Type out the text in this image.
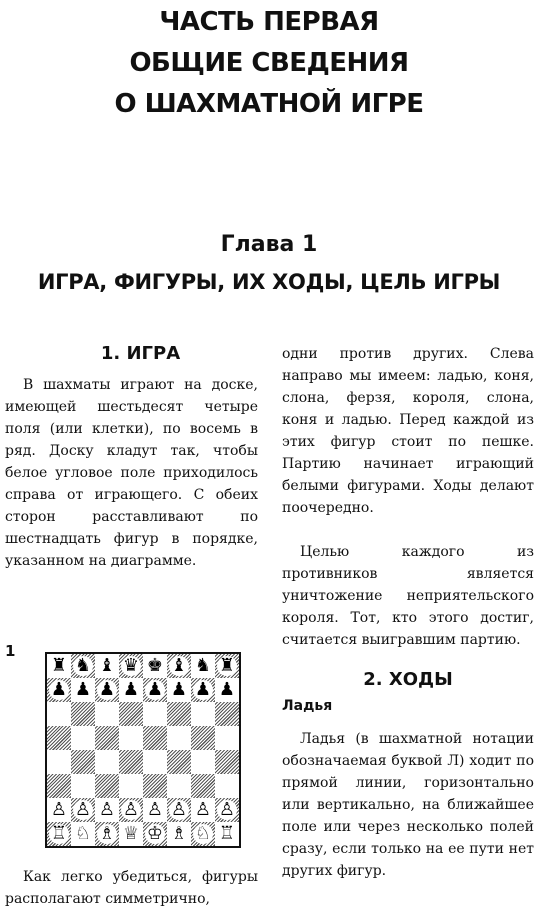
ЧАСТЬ ПЕРВАЯ
ОБЩИЕ СВЕДЕНИЯ
О ШАХМАТНОЙ ИГРЕ
Глава 1
ИГРА, ФИГУРЫ, ИХ ХОДЫ, ЦЕЛЬ ИГРЫ
1. ИГРА

В шахматы играют на доске, имеющей шестьдесят четыре поля (или клетки), по восемь в ряд. Доску кладут так, чтобы белое угловое поле приходилось справа от играющего. С обеих сторон расставливают по шестнадцать фигур в порядке, указанном на диаграмме.

1
♜ ♞ ♝ ♛ ♚ ♝ ♞ ♜
♟ ♟ ♟ ♟ ♟ ♟ ♟ ♟
♙ ♙ ♙ ♙ ♙ ♙ ♙ ♙
♖ ♘ ♗ ♕ ♔ ♗ ♘ ♖

Как легко убедиться, фигуры располагают симметрично,

одни против других. Слева направо мы имеем: ладью, коня, слона, ферзя, короля, слона, коня и ладью. Перед каждой из этих фигур стоит по пешке. Партию начинает играющий белыми фигурами. Ходы делают поочередно.

Целью каждого из противников является уничтожение неприятельского короля. Тот, кто этого достиг, считается выигравшим партию.

2. ХОДЫ
Ладья

Ладья (в шахматной нотации обозначаемая буквой Л) ходит по прямой линии, горизонтально или вертикально, на ближайшее поле или через несколько полей сразу, если только на ее пути нет других фигур.
